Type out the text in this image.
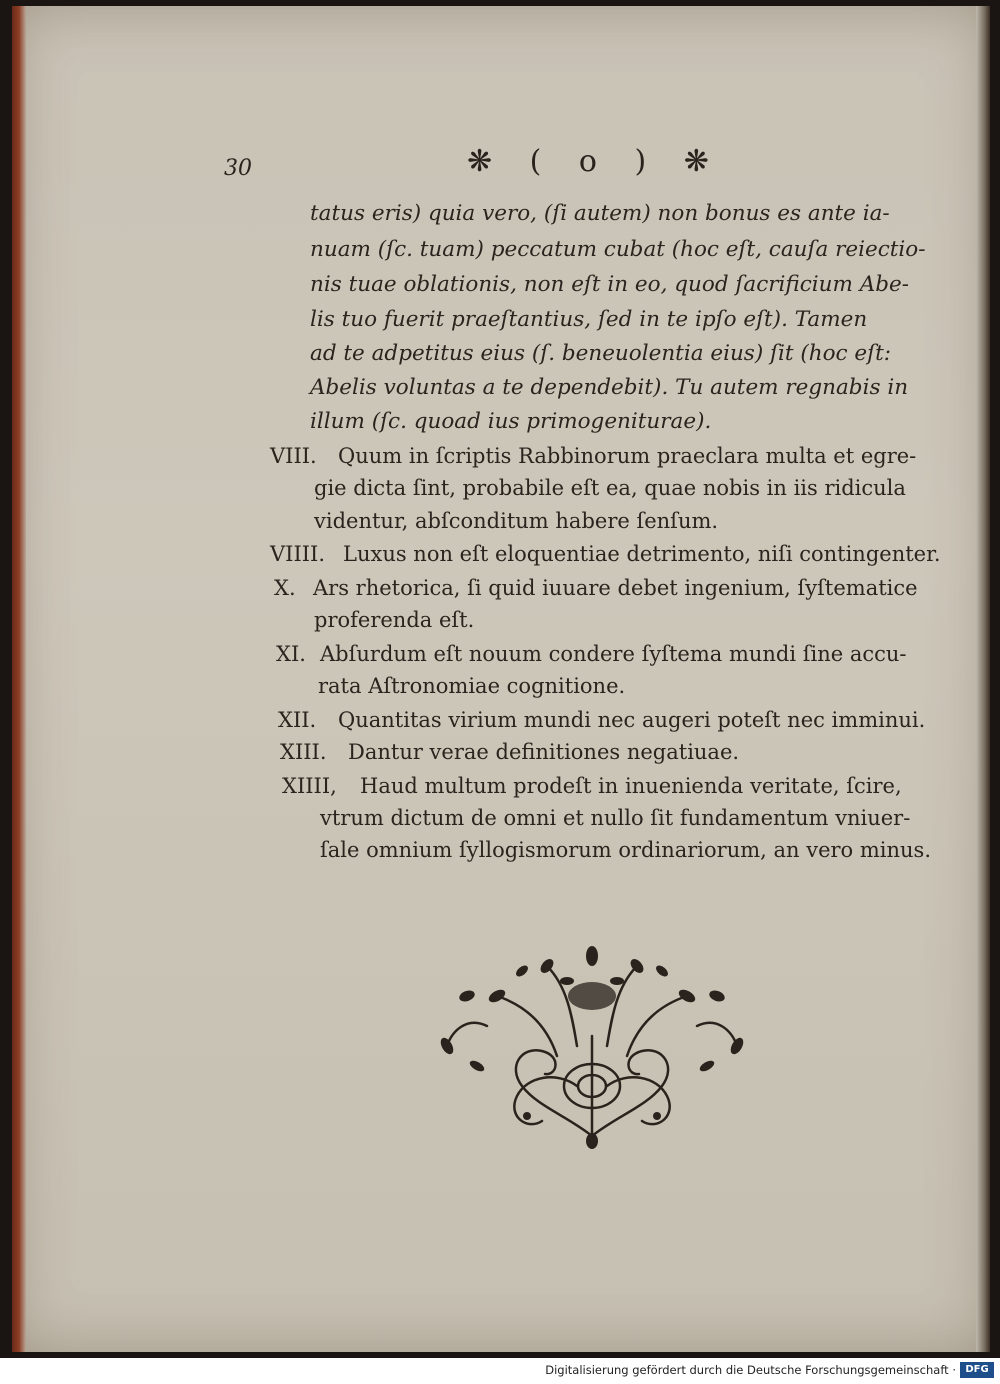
30	❋ ( o ) ❋
tatus eris) quia vero, (ſi autem) non bonus es ante ia-
nuam (ſc. tuam) peccatum cubat (hoc eſt, cauſa reiectio-
nis tuae oblationis, non eſt in eo, quod ſacrificium Abe-
lis tuo fuerit praeſtantius, ſed in te ipſo eſt). Tamen
ad te adpetitus eius (ſ. beneuolentia eius) ſit (hoc eſt:
Abelis voluntas a te dependebit). Tu autem regnabis in
illum (ſc. quoad ius primogeniturae).
VIII. Quum in ſcriptis Rabbinorum praeclara multa et egre-
gie dicta ſint, probabile eſt ea, quae nobis in iis ridicula
videntur, abſconditum habere ſenſum.
VIIII. Luxus non eſt eloquentiae detrimento, niſi contingenter.
X. Ars rhetorica, ſi quid iuuare debet ingenium, ſyſtematice
proferenda eſt.
XI. Abſurdum eſt nouum condere ſyſtema mundi ſine accu-
rata Aſtronomiae cognitione.
XII. Quantitas virium mundi nec augeri poteſt nec imminui.
XIII. Dantur verae definitiones negatiuae.
XIIII, Haud multum prodeſt in inuenienda veritate, ſcire,
vtrum dictum de omni et nullo ſit fundamentum vniuer-
ſale omnium ſyllogismorum ordinariorum, an vero minus.
Digitalisierung gefördert durch die Deutsche Forschungsgemeinschaft · DFG
